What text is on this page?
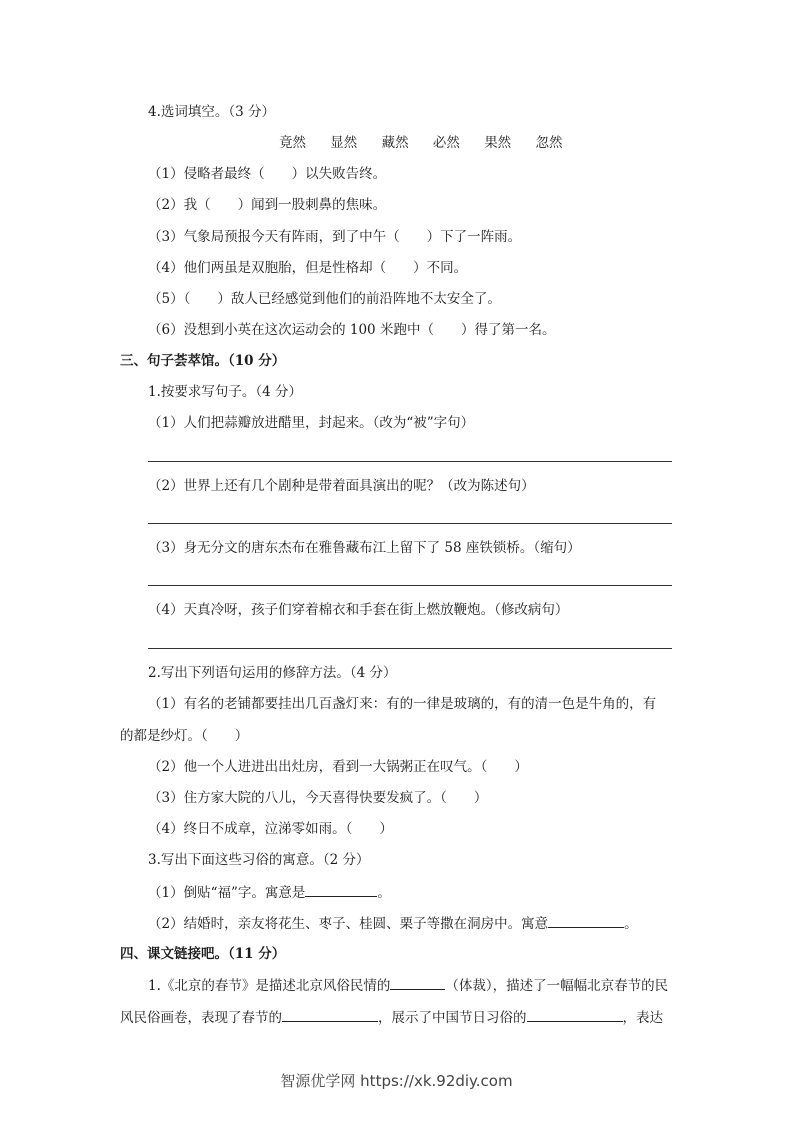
4.选词填空。（3 分）
竟然 显然 藏然 必然 果然 忽然
（1）侵略者最终（　　）以失败告终。
（2）我（　　）闻到一股刺鼻的焦味。
（3）气象局预报今天有阵雨，到了中午（　　）下了一阵雨。
（4）他们两虽是双胞胎，但是性格却（　　）不同。
（5）（　　）敌人已经感觉到他们的前沿阵地不太安全了。
（6）没想到小英在这次运动会的 100 米跑中（　　）得了第一名。
三、句子荟萃馆。（10 分）
1.按要求写句子。（4 分）
（1）人们把蒜瓣放进醋里，封起来。（改为“被”字句）
（2）世界上还有几个剧种是带着面具演出的呢？（改为陈述句）
（3）身无分文的唐东杰布在雅鲁藏布江上留下了 58 座铁锁桥。（缩句）
（4）天真冷呀，孩子们穿着棉衣和手套在街上燃放鞭炮。（修改病句）
2.写出下列语句运用的修辞方法。（4 分）
（1）有名的老铺都要挂出几百盏灯来：有的一律是玻璃的，有的清一色是牛角的，有
的都是纱灯。（　　）
（2）他一个人进进出出灶房，看到一大锅粥正在叹气。（　　）
（3）住方家大院的八儿，今天喜得快要发疯了。（　　）
（4）终日不成章，泣涕零如雨。（　　）
3.写出下面这些习俗的寓意。（2 分）
（1）倒贴“福”字。寓意是	。
（2）结婚时，亲友将花生、枣子、桂圆、栗子等撒在洞房中。寓意	。
四、课文链接吧。（11 分）
1.《北京的春节》是描述北京风俗民情的	（体裁），描述了一幅幅北京春节的民
风民俗画卷，表现了春节的	，展示了中国节日习俗的	，表达
智源优学网 https://xk.92diy.com
